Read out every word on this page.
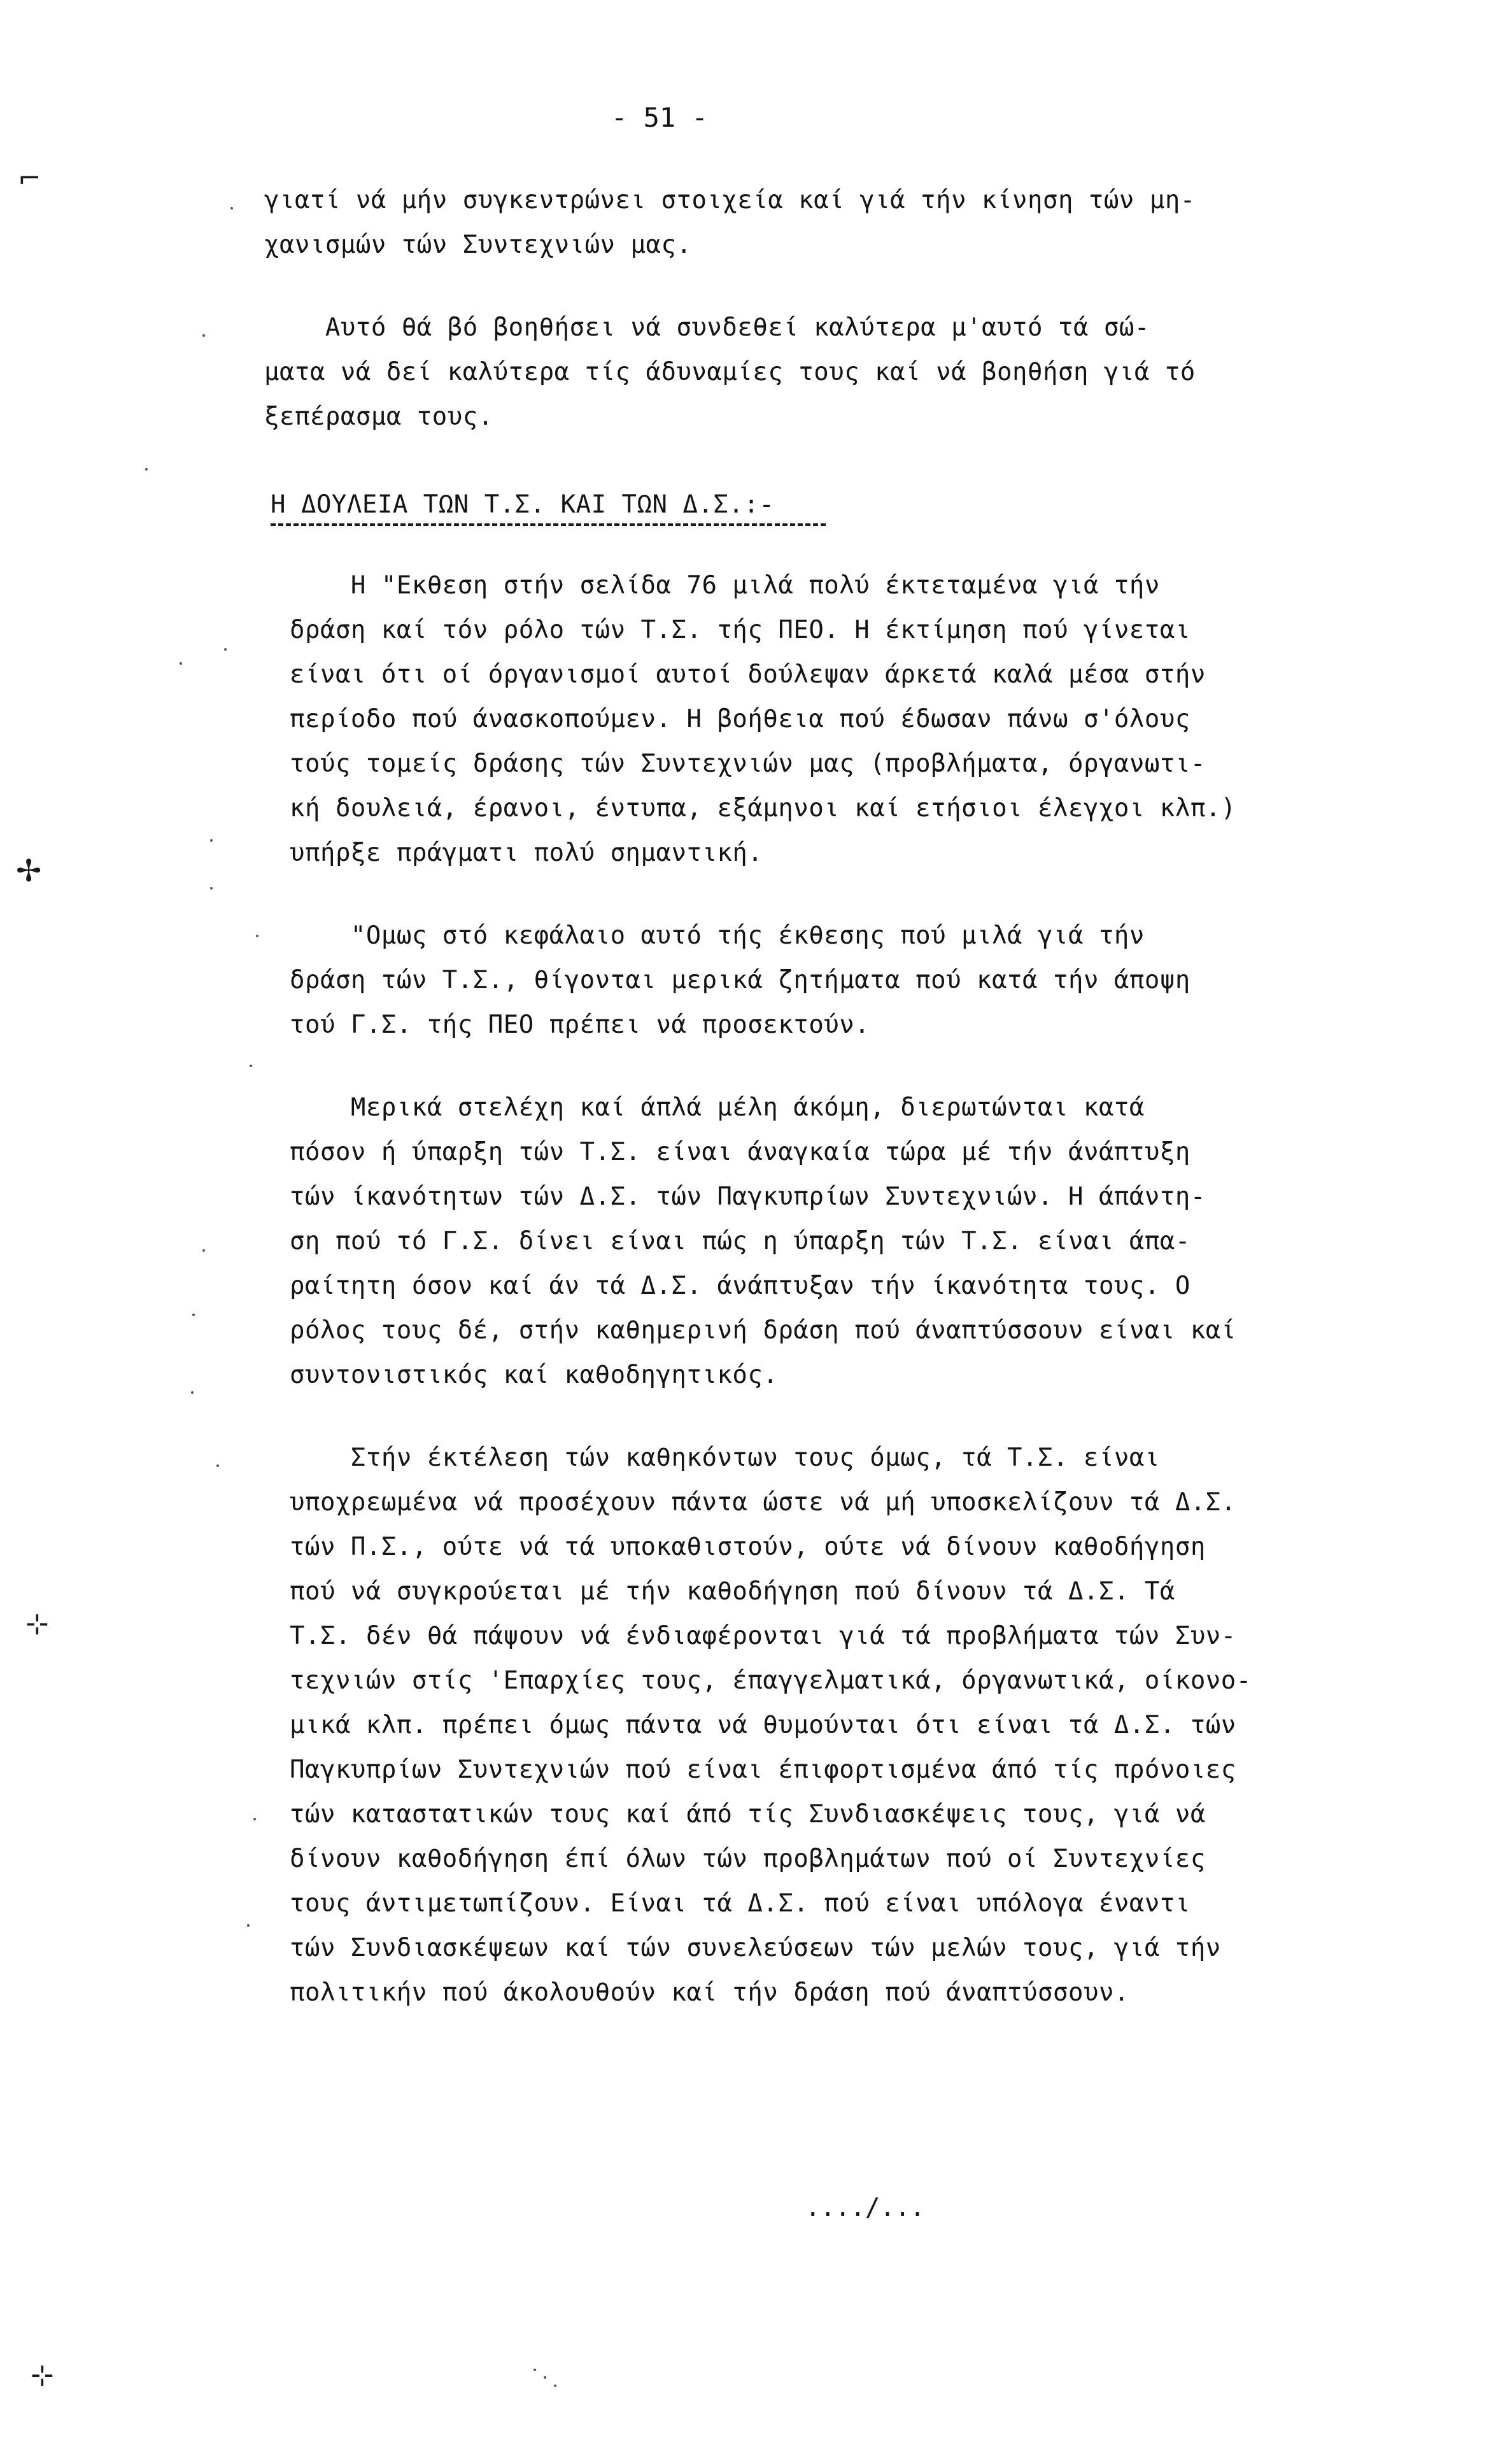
- 51 -
γιατί νά μήν συγκεντρώνει στοιχεία καί γιά τήν κίνηση τών μη-
χανισμών τών Συντεχνιών μας.
Αυτό θά βό βοηθήσει νά συνδεθεί καλύτερα μ'αυτό τά σώ-
ματα νά δεί καλύτερα τίς άδυναμίες τους καί νά βοηθήση γιά τό
ξεπέρασμα τους.
Η ΔΟΥΛΕΙΑ ΤΩΝ Τ.Σ. ΚΑΙ ΤΩΝ Δ.Σ.:-
Η "Εκθεση στήν σελίδα 76 μιλά πολύ έκτεταμένα γιά τήν
δράση καί τόν ρόλο τών Τ.Σ. τής ΠΕΟ. Η έκτίμηση πού γίνεται
είναι ότι οί όργανισμοί αυτοί δούλεψαν άρκετά καλά μέσα στήν
περίοδο πού άνασκοπούμεν. Η βοήθεια πού έδωσαν πάνω σ'όλους
τούς τομείς δράσης τών Συντεχνιών μας (προβλήματα, όργανωτι-
κή δουλειά, έρανοι, έντυπα, εξάμηνοι καί ετήσιοι έλεγχοι κλπ.)
υπήρξε πράγματι πολύ σημαντική.
"Ομως στό κεφάλαιο αυτό τής έκθεσης πού μιλά γιά τήν
δράση τών Τ.Σ., θίγονται μερικά ζητήματα πού κατά τήν άποψη
τού Γ.Σ. τής ΠΕΟ πρέπει νά προσεκτούν.
Μερικά στελέχη καί άπλά μέλη άκόμη, διερωτώνται κατά
πόσον ή ύπαρξη τών Τ.Σ. είναι άναγκαία τώρα μέ τήν άνάπτυξη
τών ίκανότητων τών Δ.Σ. τών Παγκυπρίων Συντεχνιών. Η άπάντη-
ση πού τό Γ.Σ. δίνει είναι πώς η ύπαρξη τών Τ.Σ. είναι άπα-
ραίτητη όσον καί άν τά Δ.Σ. άνάπτυξαν τήν ίκανότητα τους. Ο
ρόλος τους δέ, στήν καθημερινή δράση πού άναπτύσσουν είναι καί
συντονιστικός καί καθοδηγητικός.
Στήν έκτέλεση τών καθηκόντων τους όμως, τά Τ.Σ. είναι
υποχρεωμένα νά προσέχουν πάντα ώστε νά μή υποσκελίζουν τά Δ.Σ.
τών Π.Σ., ούτε νά τά υποκαθιστούν, ούτε νά δίνουν καθοδήγηση
πού νά συγκρούεται μέ τήν καθοδήγηση πού δίνουν τά Δ.Σ. Τά
Τ.Σ. δέν θά πάψουν νά ένδιαφέρονται γιά τά προβλήματα τών Συν-
τεχνιών στίς 'Επαρχίες τους, έπαγγελματικά, όργανωτικά, οίκονο-
μικά κλπ. πρέπει όμως πάντα νά θυμούνται ότι είναι τά Δ.Σ. τών
Παγκυπρίων Συντεχνιών πού είναι έπιφορτισμένα άπό τίς πρόνοιες
τών καταστατικών τους καί άπό τίς Συνδιασκέψεις τους, γιά νά
δίνουν καθοδήγηση έπί όλων τών προβλημάτων πού οί Συντεχνίες
τους άντιμετωπίζουν. Είναι τά Δ.Σ. πού είναι υπόλογα έναντι
τών Συνδιασκέψεων καί τών συνελεύσεων τών μελών τους, γιά τήν
πολιτικήν πού άκολουθούν καί τήν δράση πού άναπτύσσουν.
..../...
⌐
✢
⊹
⊹
